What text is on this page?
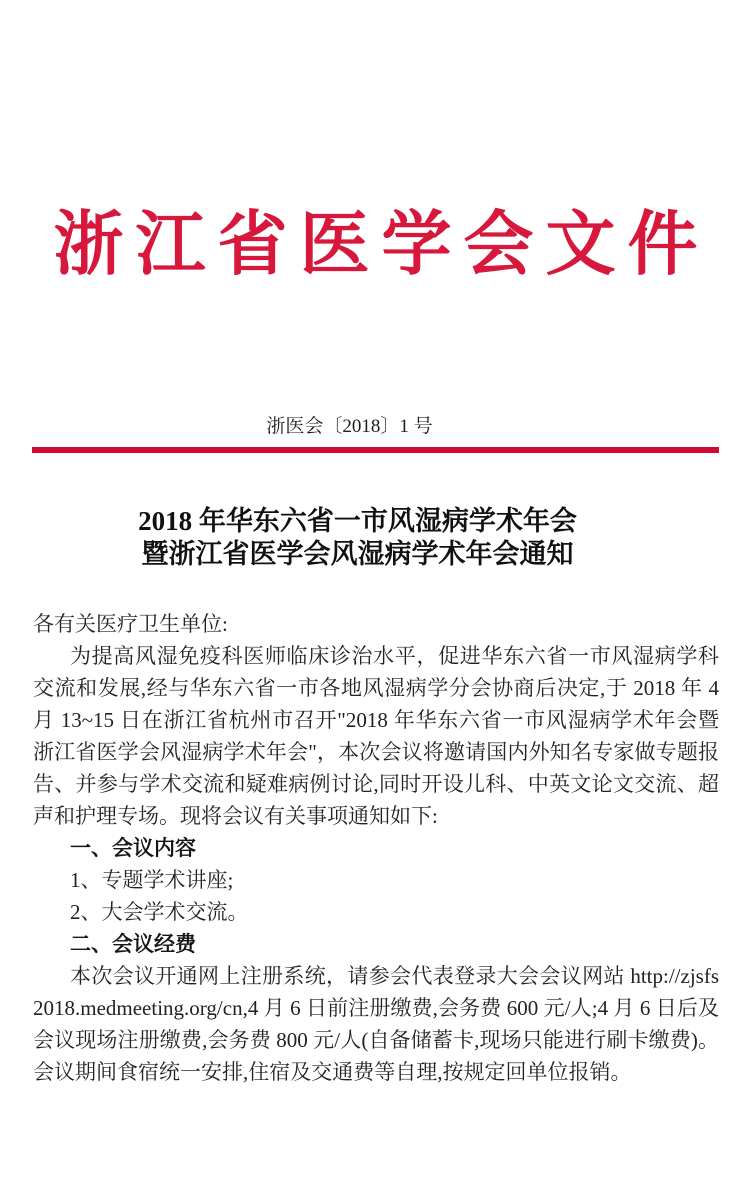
浙江省医学会文件
浙医会〔2018〕1 号
2018 年华东六省一市风湿病学术年会
暨浙江省医学会风湿病学术年会通知

各有关医疗卫生单位:

为提高风湿免疫科医师临床诊治水平，促进华东六省一市风湿病学科交流和发展,经与华东六省一市各地风湿病学分会协商后决定,于 2018 年 4 月 13~15 日在浙江省杭州市召开"2018 年华东六省一市风湿病学术年会暨浙江省医学会风湿病学术年会"，本次会议将邀请国内外知名专家做专题报告、并参与学术交流和疑难病例讨论,同时开设儿科、中英文论文交流、超声和护理专场。现将会议有关事项通知如下:

一、会议内容

1、专题学术讲座;

2、大会学术交流。

二、会议经费

本次会议开通网上注册系统，请参会代表登录大会会议网站 http://zjsfs2018.medmeeting.org/cn,4 月 6 日前注册缴费,会务费 600 元/人;4 月 6 日后及会议现场注册缴费,会务费 800 元/人(自备储蓄卡,现场只能进行刷卡缴费)。会议期间食宿统一安排,住宿及交通费等自理,按规定回单位报销。
